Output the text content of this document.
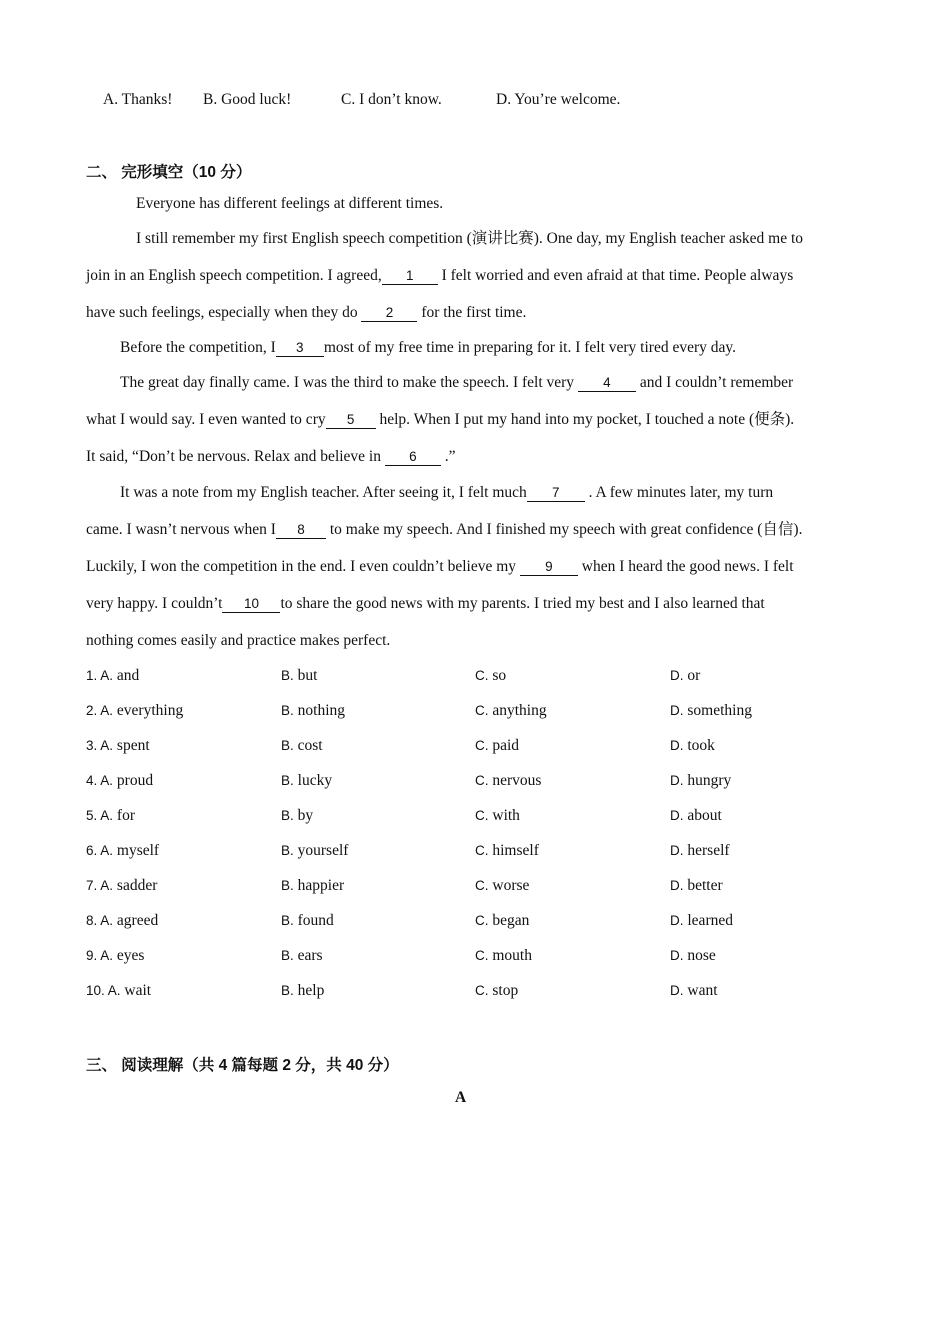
A. Thanks! B. Good luck!	C. I don’t know.	D. You’re welcome.
二、 完形填空（10 分）
Everyone has different feelings at different times.
I still remember my first English speech competition (演讲比赛). One day, my English teacher asked me to
join in an English speech competition. I agreed, 1 I felt worried and even afraid at that time. People always
have such feelings, especially when they do 2 for the first time.
Before the competition, I 3 most of my free time in preparing for it. I felt very tired every day.
The great day finally came. I was the third to make the speech. I felt very 4 and I couldn’t remember
what I would say. I even wanted to cry 5 help. When I put my hand into my pocket, I touched a note (便条).
It said, “Don’t be nervous. Relax and believe in 6 .”
It was a note from my English teacher. After seeing it, I felt much 7 . A few minutes later, my turn
came. I wasn’t nervous when I 8 to make my speech. And I finished my speech with great confidence (自信).
Luckily, I won the competition in the end. I even couldn’t believe my 9 when I heard the good news. I felt
very happy. I couldn’t 10 to share the good news with my parents. I tried my best and I also learned that
nothing comes easily and practice makes perfect.
1. A. and	B. but	C. so	D. or
2. A. everything	B. nothing	C. anything	D. something
3. A. spent	B. cost	C. paid	D. took
4. A. proud	B. lucky	C. nervous	D. hungry
5. A. for	B. by	C. with	D. about
6. A. myself	B. yourself	C. himself	D. herself
7. A. sadder	B. happier	C. worse	D. better
8. A. agreed	B. found	C. began	D. learned
9. A. eyes	B. ears	C. mouth	D. nose
10. A. wait	B. help	C. stop	D. want
三、 阅读理解（共 4 篇每题 2 分，共 40 分）
A
